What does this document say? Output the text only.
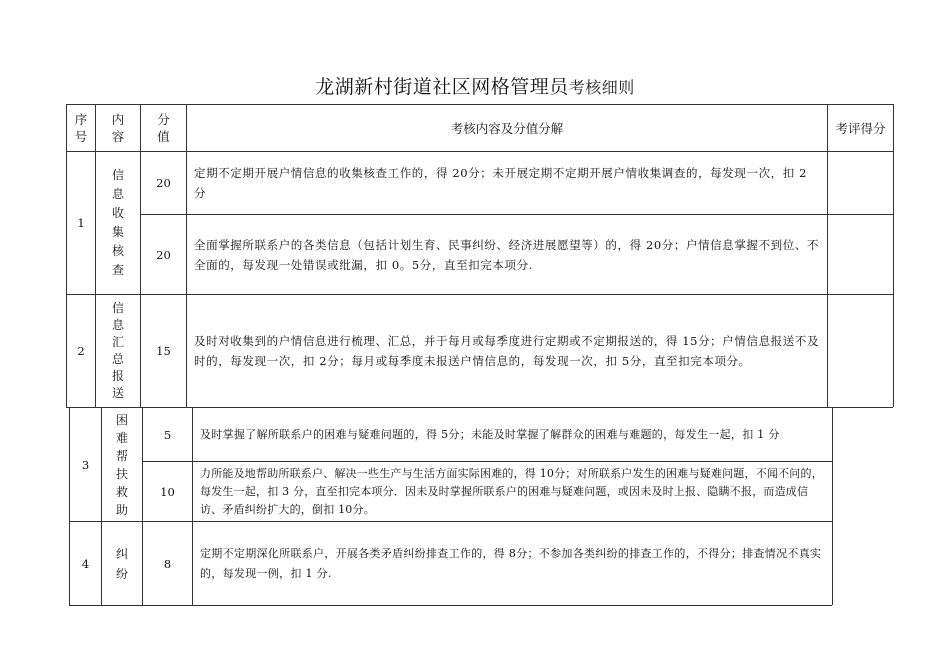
龙湖新村街道社区网格管理员考核细则
序号
内容
分值
考核内容及分值分解	考评得分
1
信息收集核查
20
定期不定期开展户情信息的收集核查工作的，得 20分；未开展定期不定期开展户情收集调查的，每发现一次，扣 2 分
20
全面掌握所联系户的各类信息（包括计划生育、民事纠纷、经济进展愿望等）的，得 20分；户情信息掌握不到位、不全面的，每发现一处错误或纰漏，扣 0。5分，直至扣完本项分.
2
信息汇总报送
15
及时对收集到的户情信息进行梳理、汇总，并于每月或每季度进行定期或不定期报送的，得 15分；户情信息报送不及时的，每发现一次，扣 2分；每月或每季度未报送户情信息的，每发现一次，扣 5分，直至扣完本项分。
3
困难帮扶救助
5	及时掌握了解所联系户的困难与疑难问题的，得 5分；未能及时掌握了解群众的困难与难题的，每发生一起，扣 1 分
10
力所能及地帮助所联系户、解决一些生产与生活方面实际困难的，得 10分；对所联系户发生的困难与疑难问题，不闻不问的，每发生一起，扣 3 分，直至扣完本项分．因未及时掌握所联系户的困难与疑难问题，或因未及时上报、隐瞒不报，而造成信访、矛盾纠纷扩大的，倒扣 10分。
4
纠纷
8
定期不定期深化所联系户，开展各类矛盾纠纷排查工作的，得 8分；不参加各类纠纷的排查工作的，不得分；排查情况不真实的，每发现一例，扣 1 分.
